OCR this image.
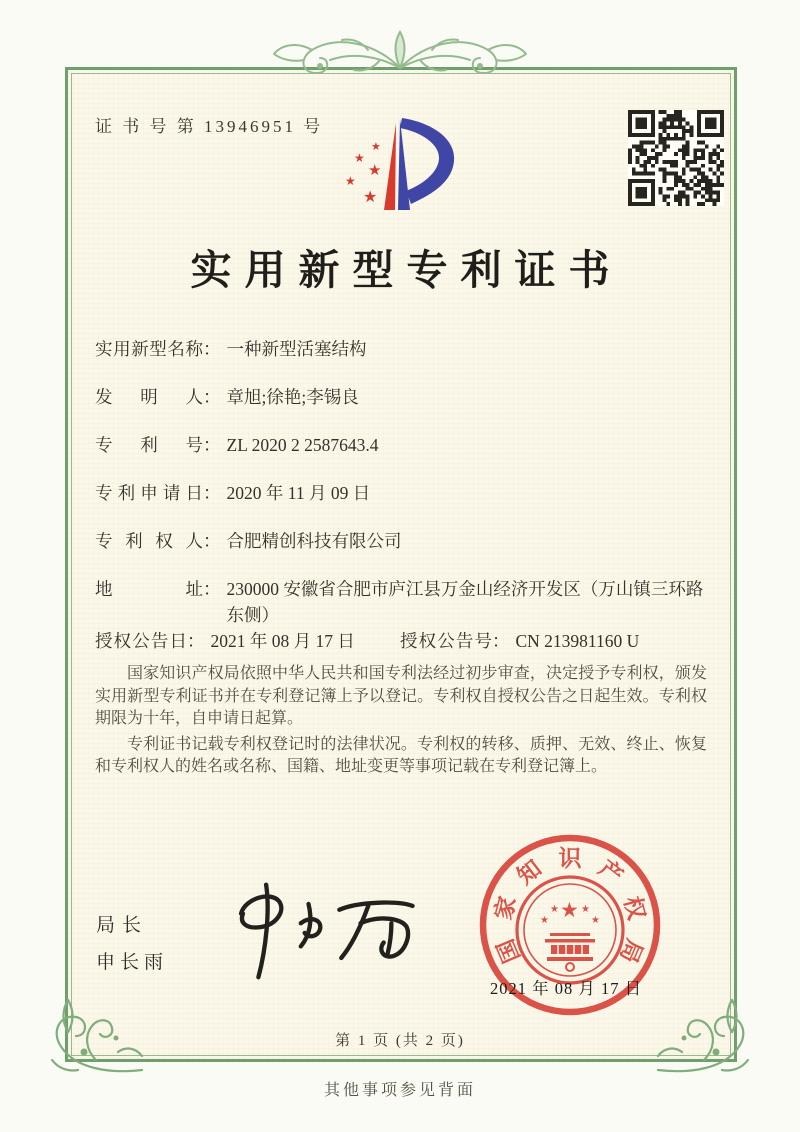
证 书 号 第 13946951 号
★
★
★
★
★
实用新型专利证书
实用新型名称 ： 一种新型活塞结构
发明人 ： 章旭;徐艳;李锡良
专利号 ： ZL 2020 2 2587643.4
专利申请日 ： 2020 年 11 月 09 日
专利权人 ： 合肥精创科技有限公司
地址 ： 230000 安徽省合肥市庐江县万金山经济开发区（万山镇三环路东侧）
授权公告日 ： 2021 年 08 月 17 日	授权公告号 ： CN 213981160 U

国家知识产权局依照中华人民共和国专利法经过初步审查，决定授予专利权，颁发实用新型专利证书并在专利登记簿上予以登记。专利权自授权公告之日起生效。专利权期限为十年，自申请日起算。

专利证书记载专利权登记时的法律状况。专利权的转移、质押、无效、终止、恢复和专利权人的姓名或名称、国籍、地址变更等事项记载在专利登记簿上。

局长
申长雨	国
家
知 识 产
权
局
★
★
★ ★
★
2021 年 08 月 17 日
第 1 页 (共 2 页)
其他事项参见背面
